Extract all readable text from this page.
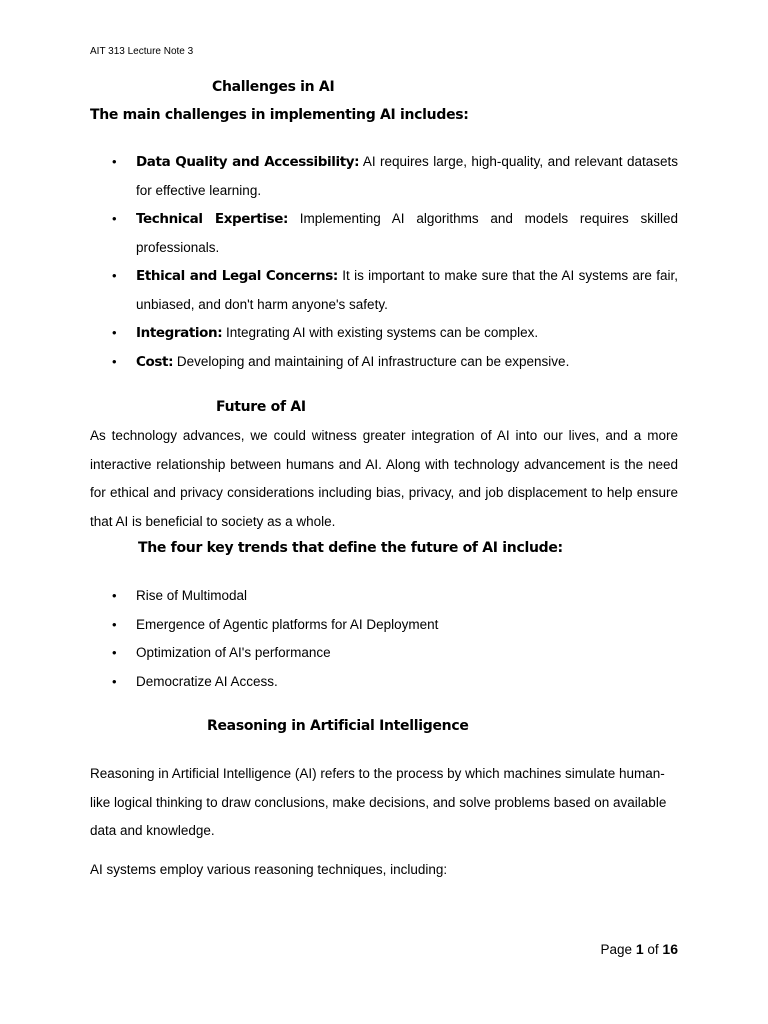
AIT 313 Lecture Note 3
Challenges in AI
The main challenges in implementing AI includes:
• Data Quality and Accessibility: AI requires large, high-quality, and relevant datasets for effective learning.
• Technical Expertise: Implementing AI algorithms and models requires skilled professionals.
• Ethical and Legal Concerns: It is important to make sure that the AI systems are fair, unbiased, and don't harm anyone's safety.
• Integration: Integrating AI with existing systems can be complex.
• Cost: Developing and maintaining of AI infrastructure can be expensive.
Future of AI
As technology advances, we could witness greater integration of AI into our lives, and a more interactive relationship between humans and AI. Along with technology advancement is the need for ethical and privacy considerations including bias, privacy, and job displacement to help ensure that AI is beneficial to society as a whole.
The four key trends that define the future of AI include:
• Rise of Multimodal
• Emergence of Agentic platforms for AI Deployment
• Optimization of AI's performance
• Democratize AI Access.
Reasoning in Artificial Intelligence
Reasoning in Artificial Intelligence (AI) refers to the process by which machines simulate human-like logical thinking to draw conclusions, make decisions, and solve problems based on available data and knowledge.
AI systems employ various reasoning techniques, including:
Page 1 of 16
